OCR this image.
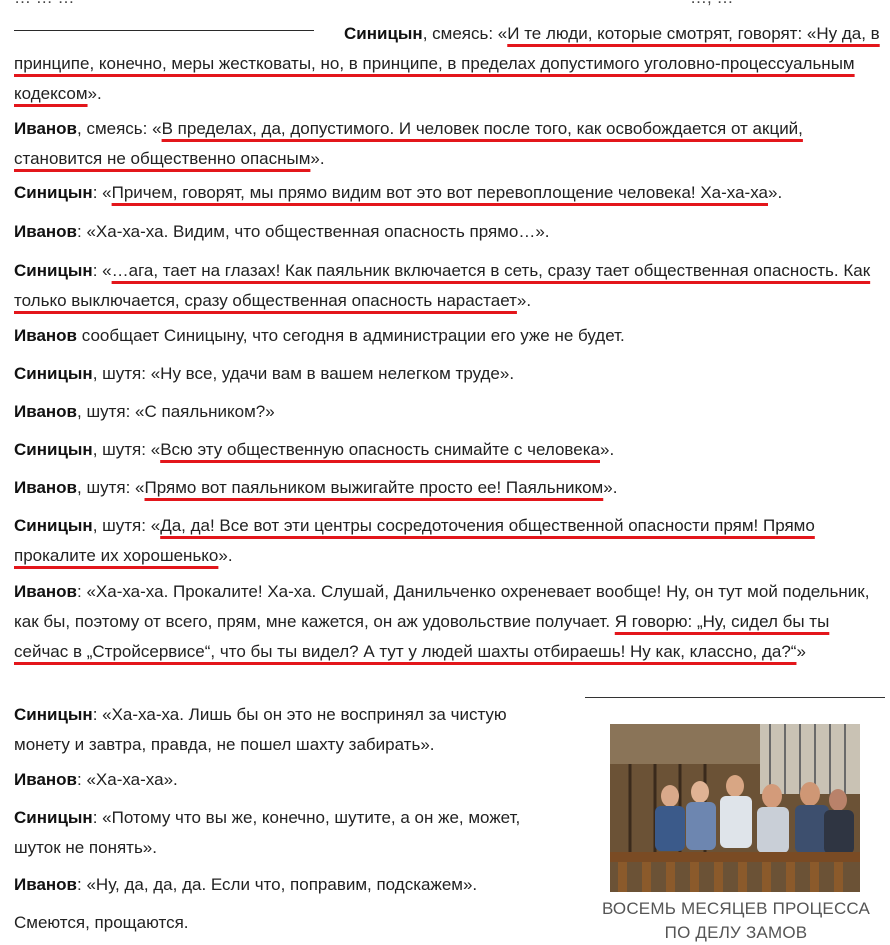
Синицын, смеясь: «И те люди, которые смотрят, говорят: «Ну да, в принципе, конечно, меры жестковаты, но, в принципе, в пределах допустимого уголовно-процессуальным кодексом».

Иванов, смеясь: «В пределах, да, допустимого. И человек после того, как освобождается от акций, становится не общественно опасным».

Синицын: «Причем, говорят, мы прямо видим вот это вот перевоплощение человека! Ха-ха-ха».

Иванов: «Ха-ха-ха. Видим, что общественная опасность прямо…».

Синицын: «…ага, тает на глазах! Как паяльник включается в сеть, сразу тает общественная опасность. Как только выключается, сразу общественная опасность нарастает».

Иванов сообщает Синицыну, что сегодня в администрации его уже не будет.

Синицын, шутя: «Ну все, удачи вам в вашем нелегком труде».

Иванов, шутя: «С паяльником?»

Синицын, шутя: «Всю эту общественную опасность снимайте с человека».

Иванов, шутя: «Прямо вот паяльником выжигайте просто ее! Паяльником».

Синицын, шутя: «Да, да! Все вот эти центры сосредоточения общественной опасности прям! Прямо прокалите их хорошенько».

Иванов: «Ха-ха-ха. Прокалите! Ха-ха. Слушай, Данильченко охреневает вообще! Ну, он тут мой подельник, как бы, поэтому от всего, прям, мне кажется, он аж удовольствие получает. Я говорю: „Ну, сидел бы ты сейчас в „Стройсервисе“, что бы ты видел? А тут у людей шахты отбираешь! Ну как, классно, да?“»

Синицын: «Ха-ха-ха. Лишь бы он это не воспринял за чистую монету и завтра, правда, не пошел шахту забирать».

Иванов: «Ха-ха-ха».

Синицын: «Потому что вы же, конечно, шутите, а он же, может, шуток не понять».

Иванов: «Ну, да, да, да. Если что, поправим, подскажем».

Смеются, прощаются.

ВОСЕМЬ МЕСЯЦЕВ ПРОЦЕССА ПО ДЕЛУ ЗАМОВ
